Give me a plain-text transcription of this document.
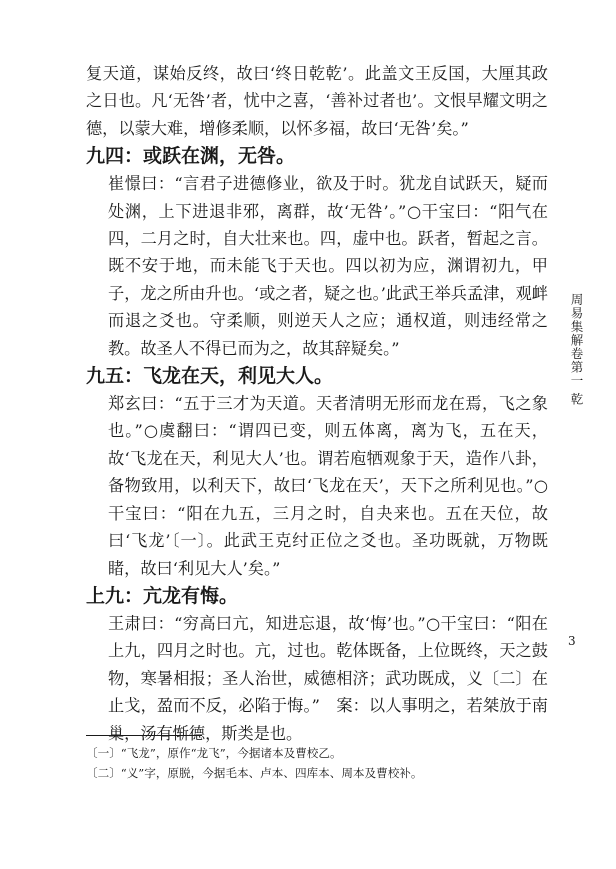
复天道，谋始反终，故曰‘终日乾乾’。此盖文王反国，大厘其政之日也。凡‘无咎’者，忧中之喜，‘善补过者也’。文恨早耀文明之德，以蒙大难，增修柔顺，以怀多福，故曰‘无咎’矣。”

九四：或跃在渊，无咎。

崔憬曰：“言君子进德修业，欲及于时。犹龙自试跃天，疑而处渊，上下进退非邪，离群，故‘无咎’。”○干宝曰：“阳气在四，二月之时，自大壮来也。四，虚中也。跃者，暂起之言。既不安于地，而未能飞于天也。四以初为应，渊谓初九，甲子，龙之所由升也。‘或之者，疑之也。’此武王举兵孟津，观衅而退之爻也。守柔顺，则逆天人之应；通权道，则违经常之教。故圣人不得已而为之，故其辞疑矣。”

九五：飞龙在天，利见大人。

郑玄曰：“五于三才为天道。天者清明无形而龙在焉，飞之象也。”○虞翻曰：“谓四已变，则五体离，离为飞，五在天，故‘飞龙在天，利见大人’也。谓若庖牺观象于天，造作八卦，备物致用，以利天下，故曰‘飞龙在天’，天下之所利见也。”○干宝曰：“阳在九五，三月之时，自夬来也。五在天位，故曰‘飞龙’〔一〕。此武王克纣正位之爻也。圣功既就，万物既睹，故曰‘利见大人’矣。”

上九：亢龙有悔。

王肃曰：“穷高曰亢，知进忘退，故‘悔’也。”○干宝曰：“阳在上九，四月之时也。亢，过也。乾体既备，上位既终，天之鼓物，寒暑相报；圣人治世，威德相济；武功既成，义〔二〕在止戈，盈而不反，必陷于悔。”　案：以人事明之，若桀放于南巢，汤有惭德，斯类是也。

周易集解卷第一 乾
3

〔一〕“飞龙”，原作“龙飞”，今据诸本及曹校乙。

〔二〕“义”字，原脱，今据毛本、卢本、四库本、周本及曹校补。
